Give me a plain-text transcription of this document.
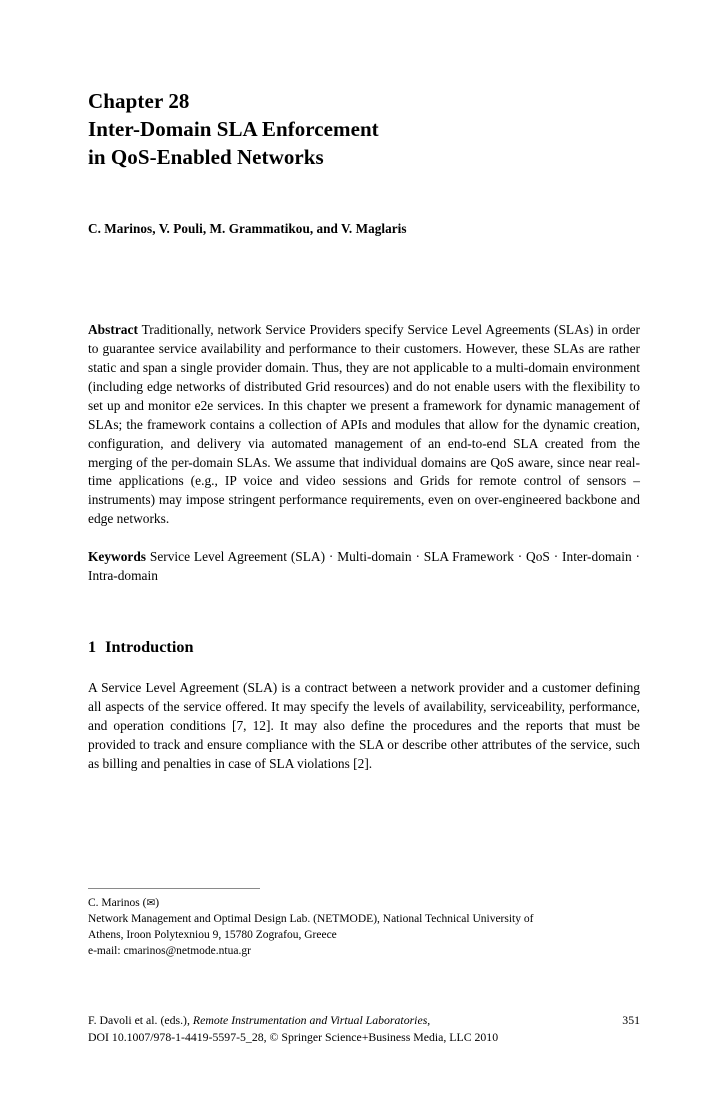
Chapter 28
Inter-Domain SLA Enforcement
in QoS-Enabled Networks
C. Marinos, V. Pouli, M. Grammatikou, and V. Maglaris
Abstract Traditionally, network Service Providers specify Service Level Agreements (SLAs) in order to guarantee service availability and performance to their customers. However, these SLAs are rather static and span a single provider domain. Thus, they are not applicable to a multi-domain environment (including edge networks of distributed Grid resources) and do not enable users with the flexibility to set up and monitor e2e services. In this chapter we present a framework for dynamic management of SLAs; the framework contains a collection of APIs and modules that allow for the dynamic creation, configuration, and delivery via automated management of an end-to-end SLA created from the merging of the per-domain SLAs. We assume that individual domains are QoS aware, since near real-time applications (e.g., IP voice and video sessions and Grids for remote control of sensors – instruments) may impose stringent performance requirements, even on over-engineered backbone and edge networks.
Keywords Service Level Agreement (SLA) · Multi-domain · SLA Framework · QoS · Inter-domain · Intra-domain
1 Introduction
A Service Level Agreement (SLA) is a contract between a network provider and a customer defining all aspects of the service offered. It may specify the levels of availability, serviceability, performance, and operation conditions [7, 12]. It may also define the procedures and the reports that must be provided to track and ensure compliance with the SLA or describe other attributes of the service, such as billing and penalties in case of SLA violations [2].
C. Marinos (✉)
Network Management and Optimal Design Lab. (NETMODE), National Technical University of
Athens, Iroon Polytexniou 9, 15780 Zografou, Greece
e-mail: cmarinos@netmode.ntua.gr
F. Davoli et al. (eds.), Remote Instrumentation and Virtual Laboratories,	351
DOI 10.1007/978-1-4419-5597-5_28, © Springer Science+Business Media, LLC 2010
